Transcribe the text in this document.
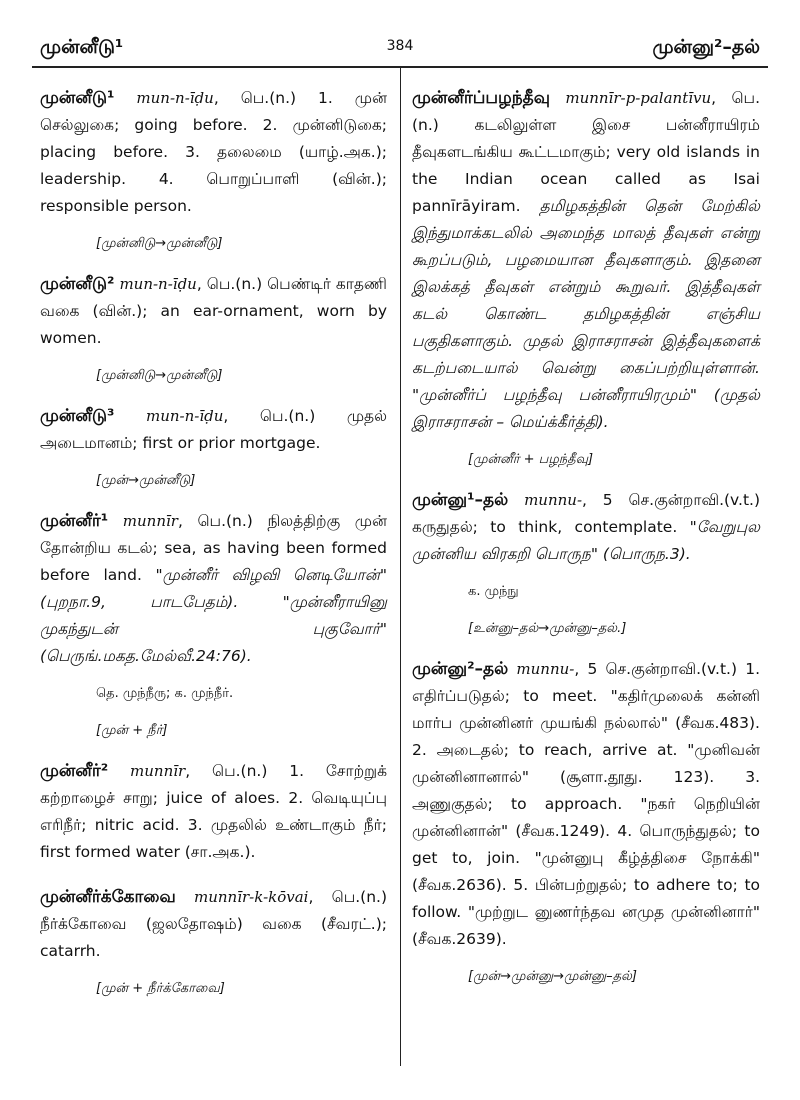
முன்னீடு¹	384	முன்னு²–தல்
முன்னீடு¹ mun-n-īḍu, பெ.(n.) 1. முன் செல்லுகை; going before. 2. முன்னிடுகை; placing before. 3. தலைமை (யாழ்.அக.); leadership. 4. பொறுப்பாளி (வின்.); responsible person.
[முன்னிடு→முன்னீடு]
முன்னீடு² mun-n-īḍu, பெ.(n.) பெண்டிர் காதணி வகை (வின்.); an ear-ornament, worn by women.
[முன்னிடு→முன்னீடு]
முன்னீடு³ mun-n-īḍu, பெ.(n.) முதல் அடைமானம்; first or prior mortgage.
[முன்→முன்னீடு]
முன்னீர்¹ munnīr, பெ.(n.) நிலத்திற்கு முன் தோன்றிய கடல்; sea, as having been formed before land. "முன்னீர் விழவி னெடியோன்" (புறநா.9, பாடபேதம்). "முன்னீராயினு முகந்துடன் புகுவோர்" (பெருங்.மகத.மேல்வீ.24:76).
தெ. முந்நீரு; க. முந்நீர்.
[முன் + நீர்]
முன்னீர்² munnīr, பெ.(n.) 1. சோற்றுக் கற்றாழைச் சாறு; juice of aloes. 2. வெடியுப்பு எரிநீர்; nitric acid. 3. முதலில் உண்டாகும் நீர்; first formed water (சா.அக.).
முன்னீர்க்கோவை munnīr-k-kōvai, பெ.(n.) நீர்க்கோவை (ஜலதோஷம்) வகை (சீவரட்.); catarrh.
[முன் + நீர்க்கோவை]
முன்னீர்ப்பழந்தீவு munnīr-p-palantīvu, பெ.(n.) கடலிலுள்ள இசை பன்னீராயிரம் தீவுகளடங்கிய கூட்டமாகும்; very old islands in the Indian ocean called as Isai pannīrāyiram. தமிழகத்தின் தென் மேற்கில் இந்துமாக்கடலில் அமைந்த மாலத் தீவுகள் என்று கூறப்படும், பழமையான தீவுகளாகும். இதனை இலக்கத் தீவுகள் என்றும் கூறுவர். இத்தீவுகள் கடல் கொண்ட தமிழகத்தின் எஞ்சிய பகுதிகளாகும். முதல் இராசராசன் இத்தீவுகளைக் கடற்படையால் வென்று கைப்பற்றியுள்ளான். "முன்னீர்ப் பழந்தீவு பன்னீராயிரமும்" (முதல் இராசராசன் – மெய்க்கீர்த்தி).
[முன்னீர் + பழந்தீவு]
முன்னு¹–தல் munnu-, 5 செ.குன்றாவி.(v.t.) கருதுதல்; to think, contemplate. "வேறுபுல முன்னிய விரகறி பொருந" (பொருந.3).
க. முந்நு
[உன்னு–தல்→முன்னு–தல்.]
முன்னு²–தல் munnu-, 5 செ.குன்றாவி.(v.t.) 1. எதிர்ப்படுதல்; to meet. "கதிர்முலைக் கன்னி மார்ப முன்னினர் முயங்கி நல்லால்" (சீவக.483). 2. அடைதல்; to reach, arrive at. "முனிவன் முன்னினானால்" (சூளா.தூது. 123). 3. அணுகுதல்; to approach. "நகர் நெறியின் முன்னினான்" (சீவக.1249). 4. பொருந்துதல்; to get to, join. "முன்னுபு கீழ்த்திசை நோக்கி" (சீவக.2636). 5. பின்பற்றுதல்; to adhere to; to follow. "முற்றுட னுணர்ந்தவ னமுத முன்னினார்" (சீவக.2639).
[முன்→முன்னு→முன்னு–தல்]
